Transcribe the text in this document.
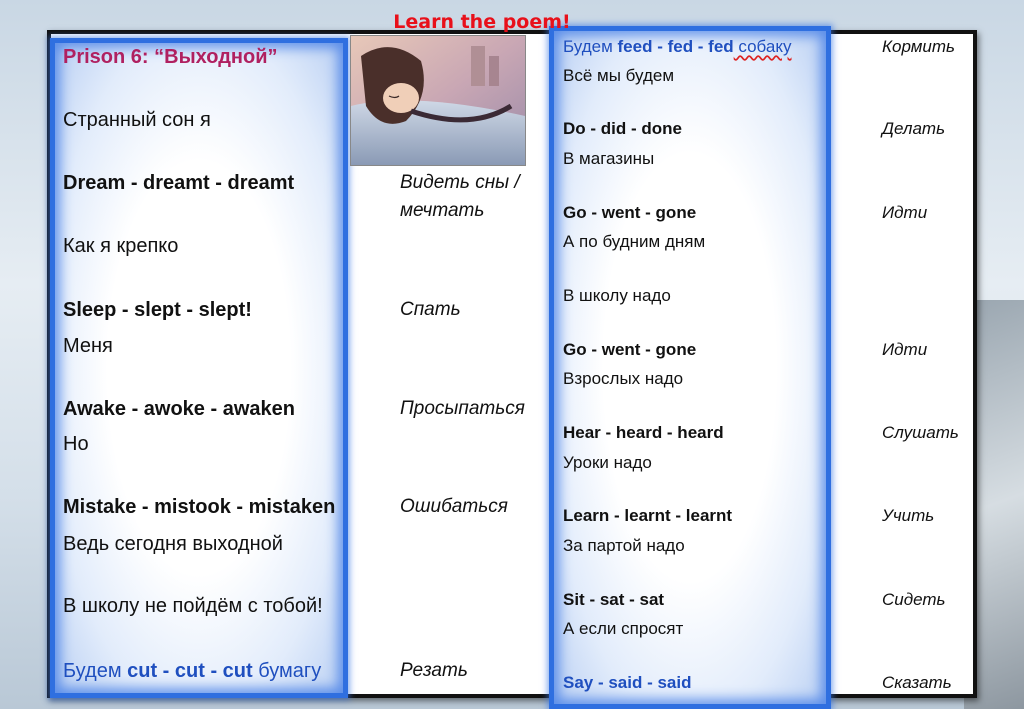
Learn the poem!
Prison 6: “Выходной”
Странный сон я
Dream - dreamt - dreamt
Как я крепко
Sleep - slept - slept!
Меня
Awake - awoke - awaken
Но
Mistake - mistook - mistaken
Ведь сегодня выходной
В школу не пойдём с тобой!
Будем cut - cut - cut бумагу
Видеть сны /
мечтать
Спать
Просыпаться
Ошибаться
Резать
Будем feed - fed - fed собаку
Всё мы будем
Do - did - done
В магазины
Go - went - gone
А по будним дням
В школу надо
Go - went - gone
Взрослых надо
Hear - heard - heard
Уроки надо
Learn - learnt - learnt
За партой надо
Sit - sat - sat
А если спросят
Say - said - said
Кормить
Делать
Идти
Идти
Слушать
Учить
Сидеть
Сказать
